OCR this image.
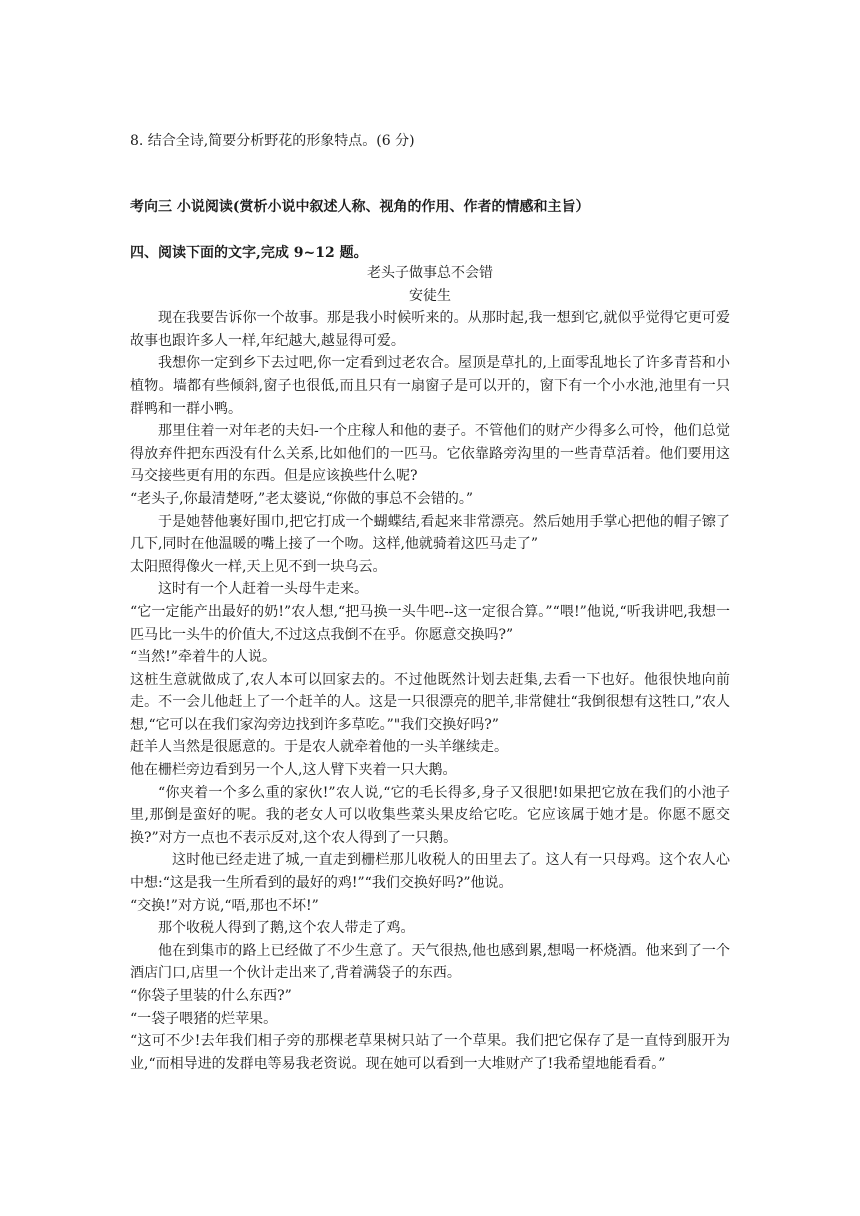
8. 结合全诗,简要分析野花的形象特点。(6 分)
考向三 小说阅读(赏析小说中叙述人称、视角的作用、作者的情感和主旨）
四、阅读下面的文字,完成 9~12 题。

老头子做事总不会错

安徒生

现在我要告诉你一个故事。那是我小时候听来的。从那时起,我一想到它,就似乎觉得它更可爱故事也跟许多人一样,年纪越大,越显得可爱。

我想你一定到乡下去过吧,你一定看到过老农合。屋顶是草扎的,上面零乱地长了许多青苔和小植物。墙都有些倾斜,窗子也很低,而且只有一扇窗子是可以开的，窗下有一个小水池,池里有一只群鸭和一群小鸭。

那里住着一对年老的夫妇-一个庄稼人和他的妻子。不管他们的财产少得多么可怜，他们总觉得放弃件把东西没有什么关系,比如他们的一匹马。它依靠路旁沟里的一些青草活着。他们要用这马交接些更有用的东西。但是应该换些什么呢?

“老头子,你最清楚呀,”老太婆说,“你做的事总不会错的。”

于是她替他裹好围巾,把它打成一个蝴蝶结,看起来非常漂亮。然后她用手掌心把他的帽子镲了几下,同时在他温暖的嘴上接了一个吻。这样,他就骑着这匹马走了”

太阳照得像火一样,天上见不到一块乌云。

这时有一个人赶着一头母牛走来。

“它一定能产出最好的奶!”农人想,“把马换一头牛吧--这一定很合算。”“喂!”他说,“听我讲吧,我想一匹马比一头牛的价值大,不过这点我倒不在乎。你愿意交换吗?”

“当然!”牵着牛的人说。

这桩生意就做成了,农人本可以回家去的。不过他既然计划去赶集,去看一下也好。他很快地向前走。不一会儿他赶上了一个赶羊的人。这是一只很漂亮的肥羊,非常健壮“我倒很想有这牲口,”农人想,“它可以在我们家沟旁边找到许多草吃。”"我们交换好吗?”

赶羊人当然是很愿意的。于是农人就牵着他的一头羊继续走。

他在栅栏旁边看到另一个人,这人臂下夹着一只大鹅。

“你夹着一个多么重的家伙!”农人说,“它的毛长得多,身子又很肥!如果把它放在我们的小池子里,那倒是蛮好的呢。我的老女人可以收集些菜头果皮给它吃。它应该属于她才是。你愿不愿交换?”对方一点也不表示反对,这个农人得到了一只鹅。

这时他已经走进了城,一直走到栅栏那儿收税人的田里去了。这人有一只母鸡。这个农人心中想:“这是我一生所看到的最好的鸡!”“我们交换好吗?”他说。

“交换!”对方说,“唔,那也不坏!”

那个收税人得到了鹅,这个农人带走了鸡。

他在到集市的路上已经做了不少生意了。天气很热,他也感到累,想喝一杯烧酒。他来到了一个酒店门口,店里一个伙计走出来了,背着满袋子的东西。

“你袋子里装的什么东西?”

“一袋子喂猪的烂苹果。

“这可不少!去年我们相子旁的那棵老草果树只站了一个草果。我们把它保存了是一直恃到服开为业,“而相导进的发群电等易我老资说。现在她可以看到一大堆财产了!我希望地能看看。”
